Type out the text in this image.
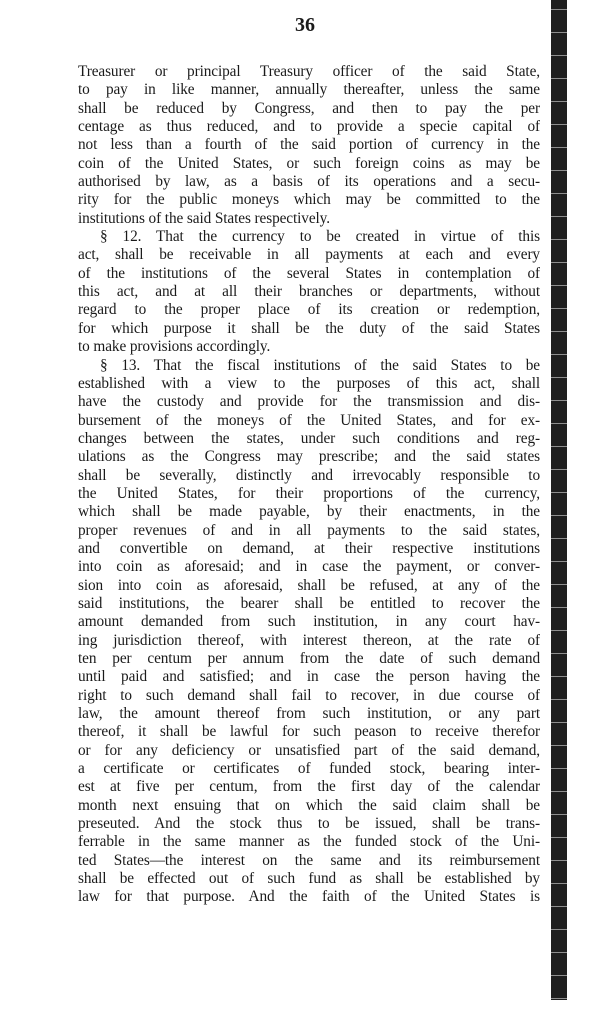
36
Treasurer or principal Treasury officer of the said State,
to pay in like manner, annually thereafter, unless the same
shall be reduced by Congress, and then to pay the per
centage as thus reduced, and to provide a specie capital of
not less than a fourth of the said portion of currency in the
coin of the United States, or such foreign coins as may be
authorised by law, as a basis of its operations and a secu-
rity for the public moneys which may be committed to the
institutions of the said States respectively.
§ 12. That the currency to be created in virtue of this
act, shall be receivable in all payments at each and every
of the institutions of the several States in contemplation of
this act, and at all their branches or departments, without
regard to the proper place of its creation or redemption,
for which purpose it shall be the duty of the said States
to make provisions accordingly.
§ 13. That the fiscal institutions of the said States to be
established with a view to the purposes of this act, shall
have the custody and provide for the transmission and dis-
bursement of the moneys of the United States, and for ex-
changes between the states, under such conditions and reg-
ulations as the Congress may prescribe; and the said states
shall be severally, distinctly and irrevocably responsible to
the United States, for their proportions of the currency,
which shall be made payable, by their enactments, in the
proper revenues of and in all payments to the said states,
and convertible on demand, at their respective institutions
into coin as aforesaid; and in case the payment, or conver-
sion into coin as aforesaid, shall be refused, at any of the
said institutions, the bearer shall be entitled to recover the
amount demanded from such institution, in any court hav-
ing jurisdiction thereof, with interest thereon, at the rate of
ten per centum per annum from the date of such demand
until paid and satisfied; and in case the person having the
right to such demand shall fail to recover, in due course of
law, the amount thereof from such institution, or any part
thereof, it shall be lawful for such peason to receive therefor
or for any deficiency or unsatisfied part of the said demand,
a certificate or certificates of funded stock, bearing inter-
est at five per centum, from the first day of the calendar
month next ensuing that on which the said claim shall be
preseuted. And the stock thus to be issued, shall be trans-
ferrable in the same manner as the funded stock of the Uni-
ted States—the interest on the same and its reimbursement
shall be effected out of such fund as shall be established by
law for that purpose. And the faith of the United States is
